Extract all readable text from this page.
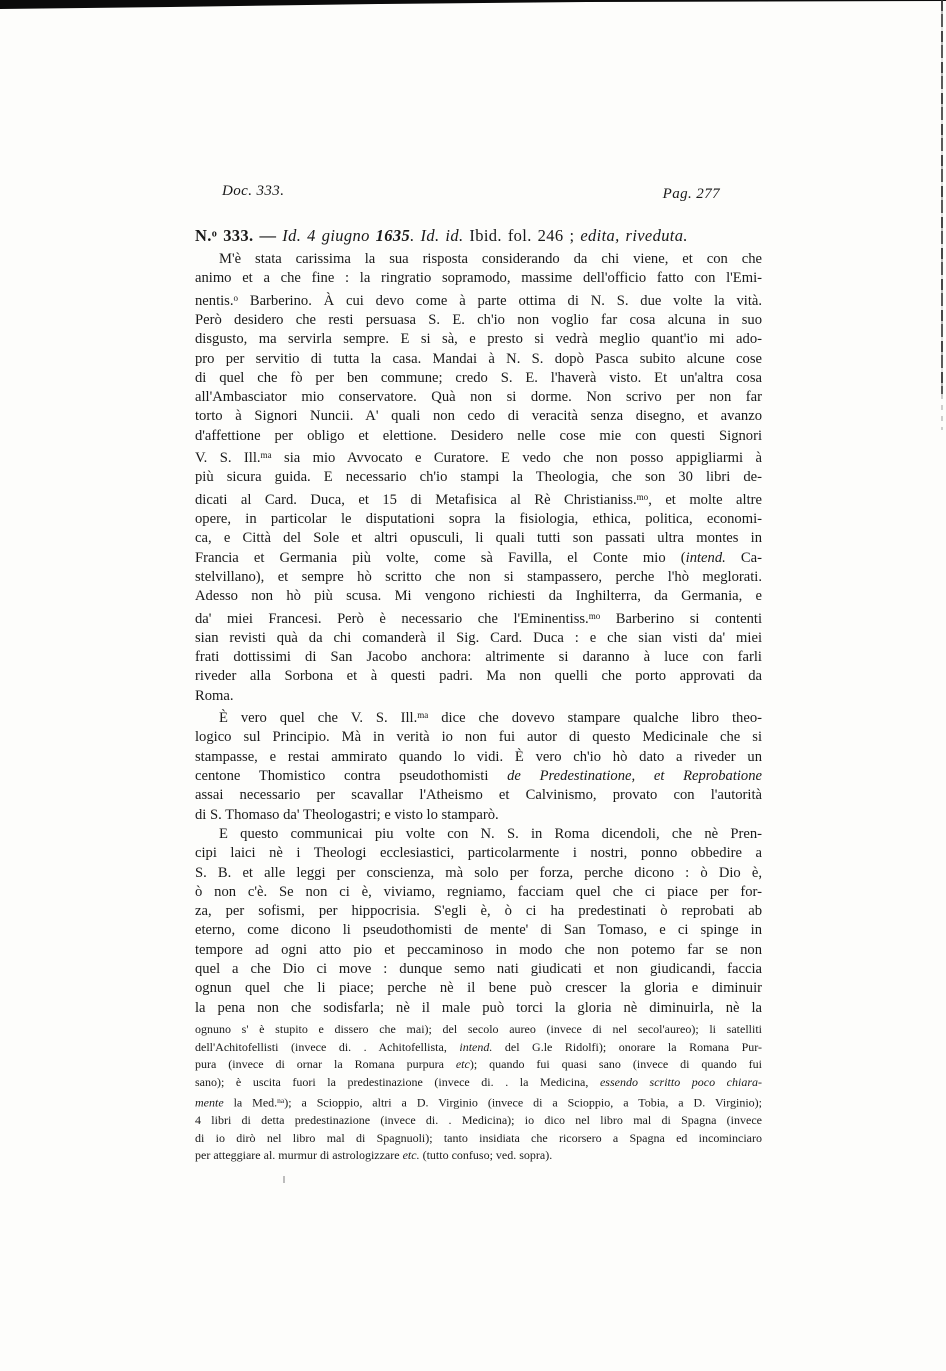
Doc. 333.	Pag. 277
N.$^o$ 333. — Id. 4 giugno 1635. Id. id. Ibid. fol. 246 ; edita, riveduta.
M'è stata carissima la sua risposta considerando da chi viene, et con che
animo et a che fine : la ringratio sopramodo, massime dell'officio fatto con l'Emi-
nentis.$^o$ Barberino. À cui devo come à parte ottima di N. S. due volte la vità.
Però desidero che resti persuasa S. E. ch'io non voglio far cosa alcuna in suo
disgusto, ma servirla sempre. E si sà, e presto si vedrà meglio quant'io mi ado-
pro per servitio di tutta la casa. Mandai à N. S. dopò Pasca subito alcune cose
di quel che fò per ben commune; credo S. E. l'haverà visto. Et un'altra cosa
all'Ambasciator mio conservatore. Quà non si dorme. Non scrivo per non far
torto à Signori Nuncii. A' quali non cedo di veracità senza disegno, et avanzo
d'affettione per obligo et elettione. Desidero nelle cose mie con questi Signori
V. S. Ill.$^{ma}$ sia mio Avvocato e Curatore. E vedo che non posso appigliarmi à
più sicura guida. E necessario ch'io stampi la Theologia, che son 30 libri de-
dicati al Card. Duca, et 15 di Metafisica al Rè Christianiss.$^{mo}$, et molte altre
opere, in particolar le disputationi sopra la fisiologia, ethica, politica, economi-
ca, e Città del Sole et altri opusculi, li quali tutti son passati ultra montes in
Francia et Germania più volte, come sà Favilla, el Conte mio (intend. Ca-
stelvillano), et sempre hò scritto che non si stampassero, perche l'hò meglorati.
Adesso non hò più scusa. Mi vengono richiesti da Inghilterra, da Germania, e
da' miei Francesi. Però è necessario che l'Eminentiss.$^{mo}$ Barberino si contenti
sian revisti quà da chi comanderà il Sig. Card. Duca : e che sian visti da' miei
frati dottissimi di San Jacobo anchora: altrimente si daranno à luce con farli
riveder alla Sorbona et à questi padri. Ma non quelli che porto approvati da
Roma.
È vero quel che V. S. Ill.$^{ma}$ dice che dovevo stampare qualche libro theo-
logico sul Principio. Mà in verità io non fui autor di questo Medicinale che si
stampasse, e restai ammirato quando lo vidi. È vero ch'io hò dato a riveder un
centone Thomistico contra pseudothomisti de Predestinatione, et Reprobatione
assai necessario per scavallar l'Atheismo et Calvinismo, provato con l'autorità
di S. Thomaso da' Theologastri; e visto lo stamparò.
E questo communicai piu volte con N. S. in Roma dicendoli, che nè Pren-
cipi laici nè i Theologi ecclesiastici, particolarmente i nostri, ponno obbedire a
S. B. et alle leggi per conscienza, mà solo per forza, perche dicono : ò Dio è,
ò non c'è. Se non ci è, viviamo, regniamo, facciam quel che ci piace per for-
za, per sofismi, per hippocrisia. S'egli è, ò ci ha predestinati ò reprobati ab
eterno, come dicono li pseudothomisti de mente' di San Tomaso, e ci spinge in
tempore ad ogni atto pio et peccaminoso in modo che non potemo far se non
quel a che Dio ci move : dunque semo nati giudicati et non giudicandi, faccia
ognun quel che li piace; perche nè il bene può crescer la gloria e diminuir
la pena non che sodisfarla; nè il male può torci la gloria nè diminuirla, nè la
ognuno s' è stupito e dissero che mai); del secolo aureo (invece di nel secol'aureo); li satelliti
dell'Achitofellisti (invece di. . Achitofellista, intend. del G.le Ridolfi); onorare la Romana Pur-
pura (invece di ornar la Romana purpura etc); quando fui quasi sano (invece di quando fui
sano); è uscita fuori la predestinazione (invece di. . la Medicina, essendo scritto poco chiara-
mente la Med.$^{na}$); a Scioppio, altri a D. Virginio (invece di a Scioppio, a Tobia, a D. Virginio);
4 libri di detta predestinazione (invece di. . Medicina); io dico nel libro mal di Spagna (invece
di io dirò nel libro mal di Spagnuoli); tanto insidiata che ricorsero a Spagna ed incominciaro
per atteggiare al. murmur di astrologizzare etc. (tutto confuso; ved. sopra).
